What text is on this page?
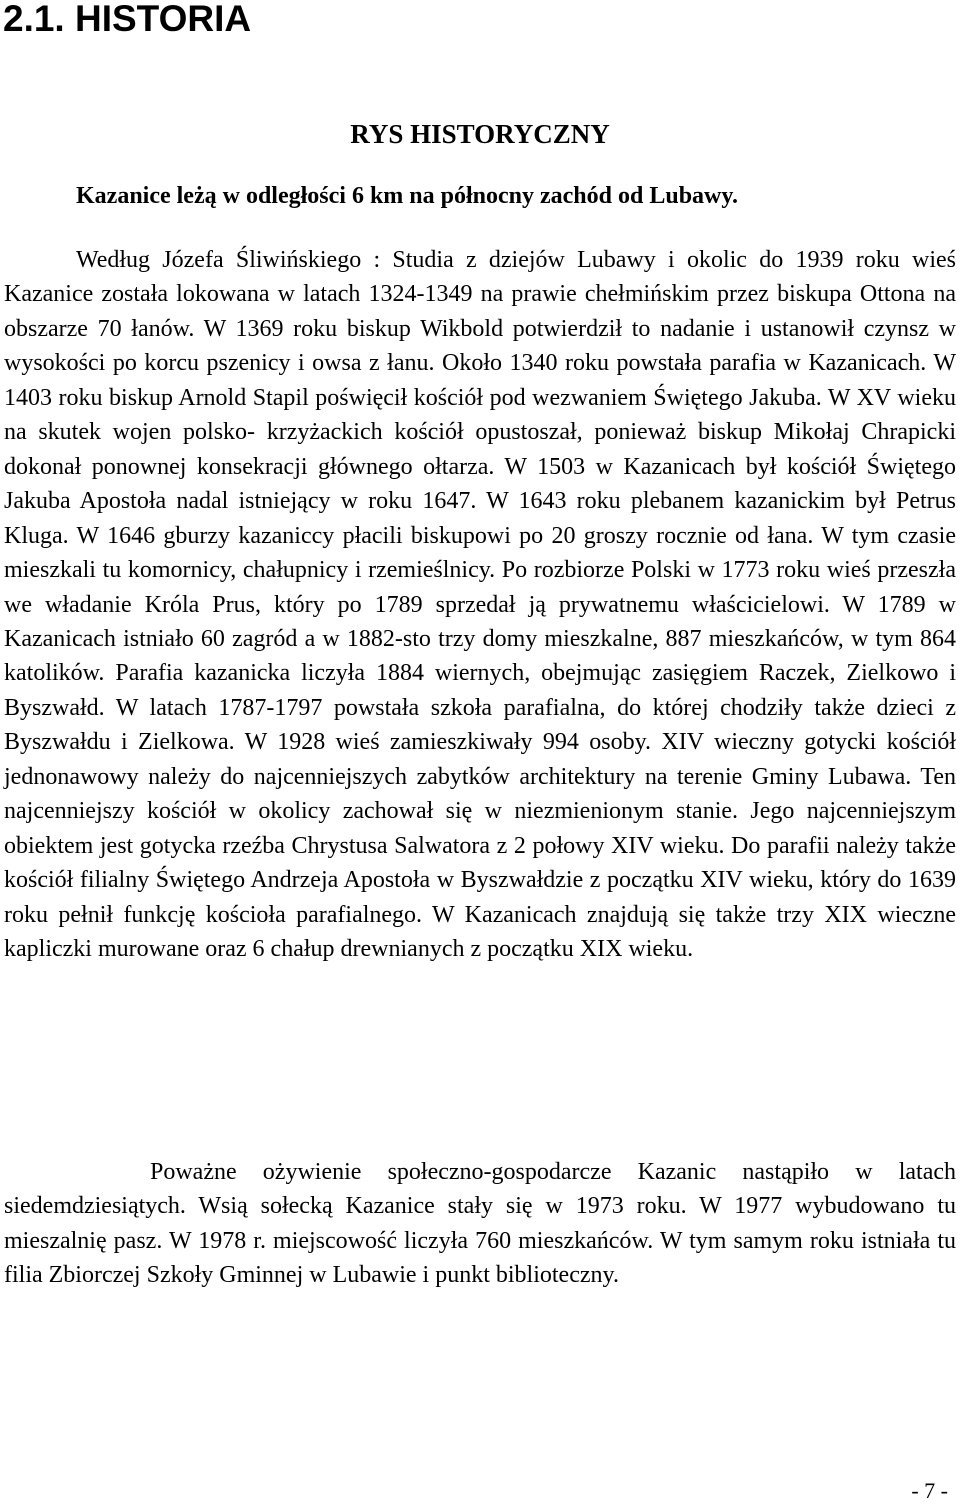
2.1. HISTORIA
RYS HISTORYCZNY

Kazanice leżą w odległości 6 km na północny zachód od Lubawy.

Według Józefa Śliwińskiego : Studia z dziejów Lubawy i okolic do 1939 roku wieś Kazanice została lokowana w latach 1324-1349 na prawie chełmińskim przez biskupa Ottona na obszarze 70 łanów. W 1369 roku biskup Wikbold potwierdził to nadanie i ustanowił czynsz w wysokości po korcu pszenicy i owsa z łanu. Około 1340 roku powstała parafia w Kazanicach. W 1403 roku biskup Arnold Stapil poświęcił kościół pod wezwaniem Świętego Jakuba. W XV wieku na skutek wojen polsko- krzyżackich kościół opustoszał, ponieważ biskup Mikołaj Chrapicki dokonał ponownej konsekracji głównego ołtarza. W 1503 w Kazanicach był kościół Świętego Jakuba Apostoła nadal istniejący w roku 1647. W 1643 roku plebanem kazanickim był Petrus Kluga. W 1646 gburzy kazaniccy płacili biskupowi po 20 groszy rocznie od łana. W tym czasie mieszkali tu komornicy, chałupnicy i rzemieślnicy. Po rozbiorze Polski w 1773 roku wieś przeszła we władanie Króla Prus, który po 1789 sprzedał ją prywatnemu właścicielowi. W 1789 w Kazanicach istniało 60 zagród a w 1882-sto trzy domy mieszkalne, 887 mieszkańców, w tym 864 katolików. Parafia kazanicka liczyła 1884 wiernych, obejmując zasięgiem Raczek, Zielkowo i Byszwałd. W latach 1787-1797 powstała szkoła parafialna, do której chodziły także dzieci z Byszwałdu i Zielkowa. W 1928 wieś zamieszkiwały 994 osoby. XIV wieczny gotycki kościół jednonawowy należy do najcenniejszych zabytków architektury na terenie Gminy Lubawa. Ten najcenniejszy kościół w okolicy zachował się w niezmienionym stanie. Jego najcenniejszym obiektem jest gotycka rzeźba Chrystusa Salwatora z 2 połowy XIV wieku. Do parafii należy także kościół filialny Świętego Andrzeja Apostoła w Byszwałdzie z początku XIV wieku, który do 1639 roku pełnił funkcję kościoła parafialnego. W Kazanicach znajdują się także trzy XIX wieczne kapliczki murowane oraz 6 chałup drewnianych z początku XIX wieku.

Poważne ożywienie społeczno-gospodarcze Kazanic nastąpiło w latach siedemdziesiątych. Wsią sołecką Kazanice stały się w 1973 roku. W 1977 wybudowano tu mieszalnię pasz. W 1978 r. miejscowość liczyła 760 mieszkańców. W tym samym roku istniała tu filia Zbiorczej Szkoły Gminnej w Lubawie i punkt biblioteczny.

- 7 -
